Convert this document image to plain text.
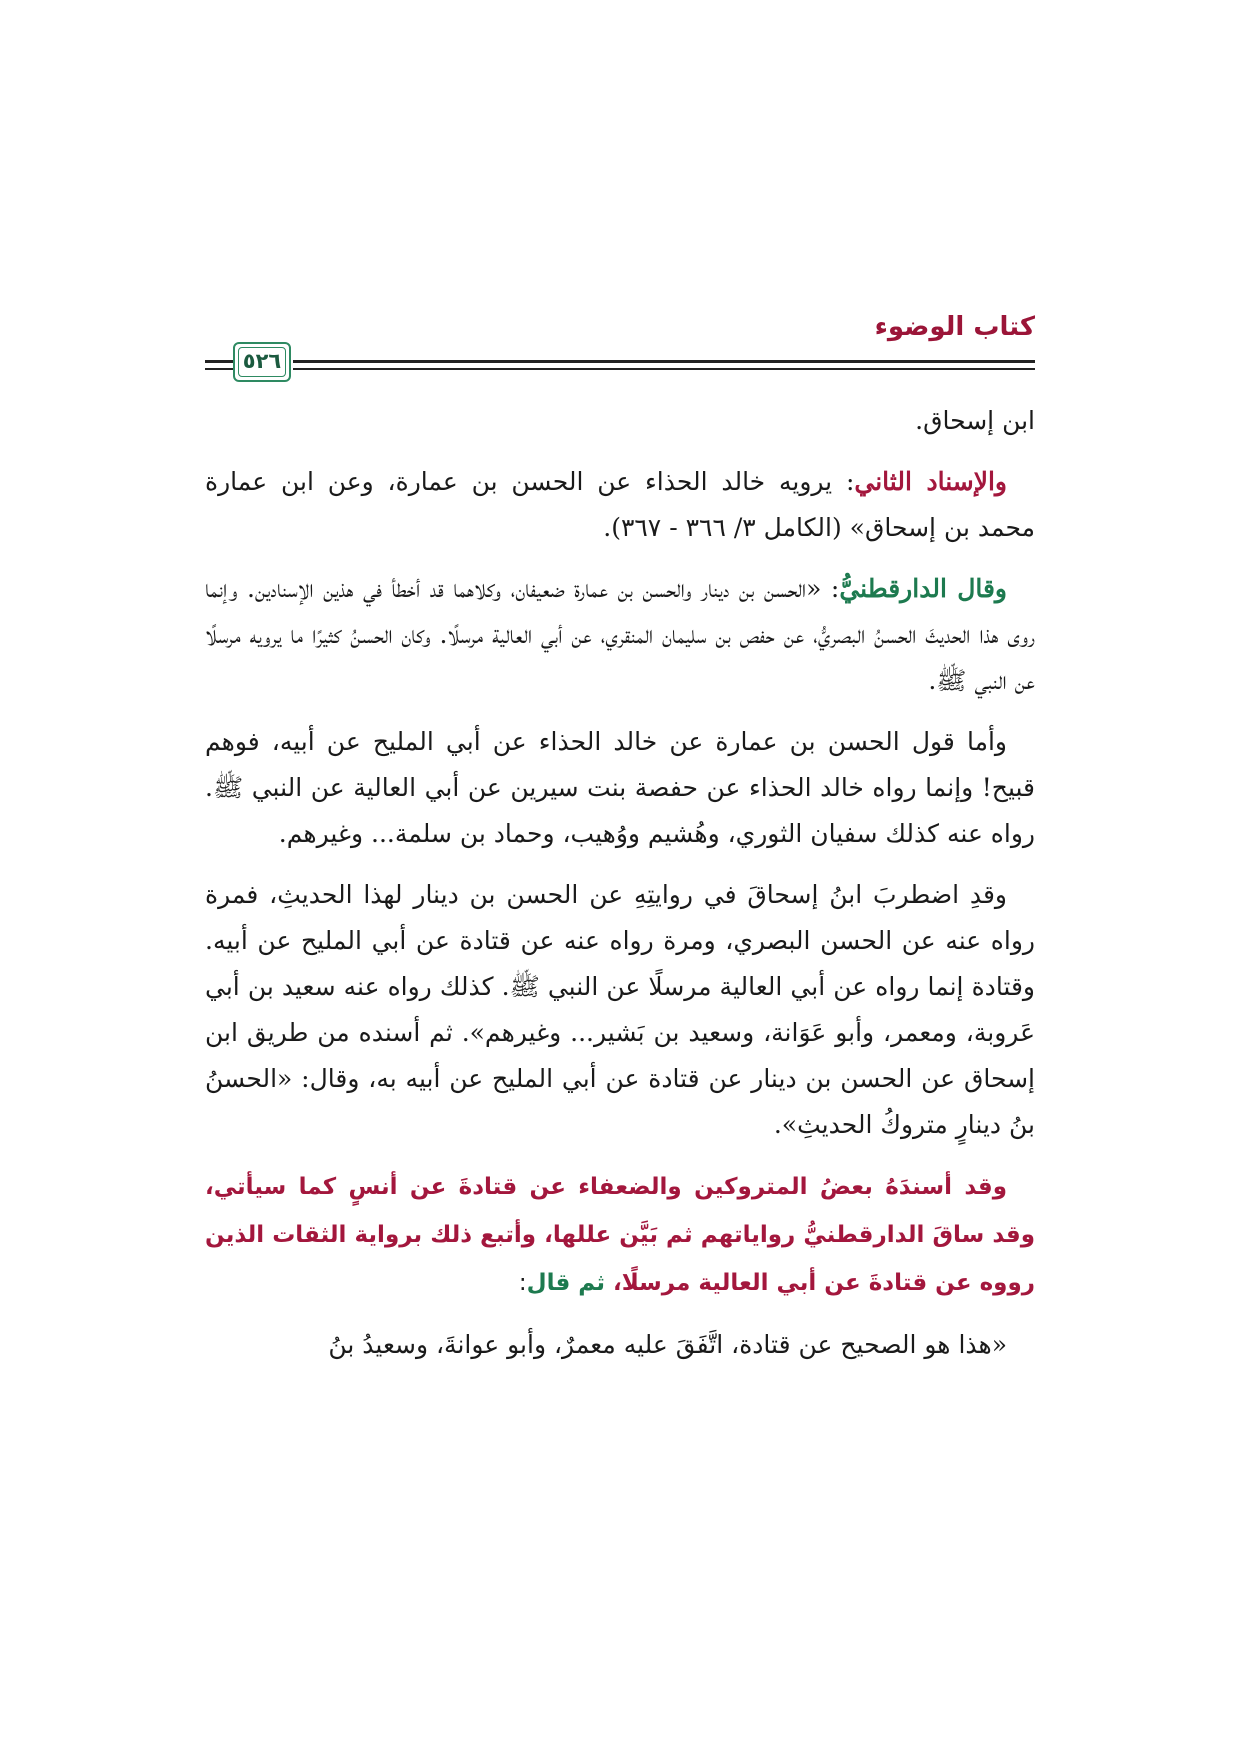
كتاب الوضوء
٥٢٦

ابن إسحاق.

والإسناد الثاني: يرويه خالد الحذاء عن الحسن بن عمارة، وعن ابن عمارة محمد بن إسحاق» (الكامل ٣/ ٣٦٦ - ٣٦٧).

وقال الدارقطنيُّ: «الحسن بن دينار والحسن بن عمارة ضعيفان، وكلاهما قد أخطأ في هذين الإسنادين. وإنما روى هذا الحديثَ الحسنُ البصريُّ، عن حفص بن سليمان المنقري، عن أبي العالية مرسلًا. وكان الحسنُ كثيرًا ما يرويه مرسلًا عن النبي ﷺ.

وأما قول الحسن بن عمارة عن خالد الحذاء عن أبي المليح عن أبيه، فوهم قبيح! وإنما رواه خالد الحذاء عن حفصة بنت سيرين عن أبي العالية عن النبي ﷺ. رواه عنه كذلك سفيان الثوري، وهُشيم ووُهيب، وحماد بن سلمة... وغيرهم.

وقدِ اضطربَ ابنُ إسحاقَ في روايتِهِ عن الحسن بن دينار لهذا الحديثِ، فمرة رواه عنه عن الحسن البصري، ومرة رواه عنه عن قتادة عن أبي المليح عن أبيه. وقتادة إنما رواه عن أبي العالية مرسلًا عن النبي ﷺ. كذلك رواه عنه سعيد بن أبي عَروبة، ومعمر، وأبو عَوَانة، وسعيد بن بَشير... وغيرهم». ثم أسنده من طريق ابن إسحاق عن الحسن بن دينار عن قتادة عن أبي المليح عن أبيه به، وقال: «الحسنُ بنُ دينارٍ متروكُ الحديثِ».

وقد أسندَهُ بعضُ المتروكين والضعفاء عن قتادةَ عن أنسٍ كما سيأتي، وقد ساقَ الدارقطنيُّ رواياتهم ثم بَيَّن عللها، وأتبع ذلك برواية الثقات الذين رووه عن قتادةَ عن أبي العالية مرسلًا، ثم قال:

«هذا هو الصحيح عن قتادة، اتَّفَقَ عليه معمرٌ، وأبو عوانةَ، وسعيدُ بنُ
